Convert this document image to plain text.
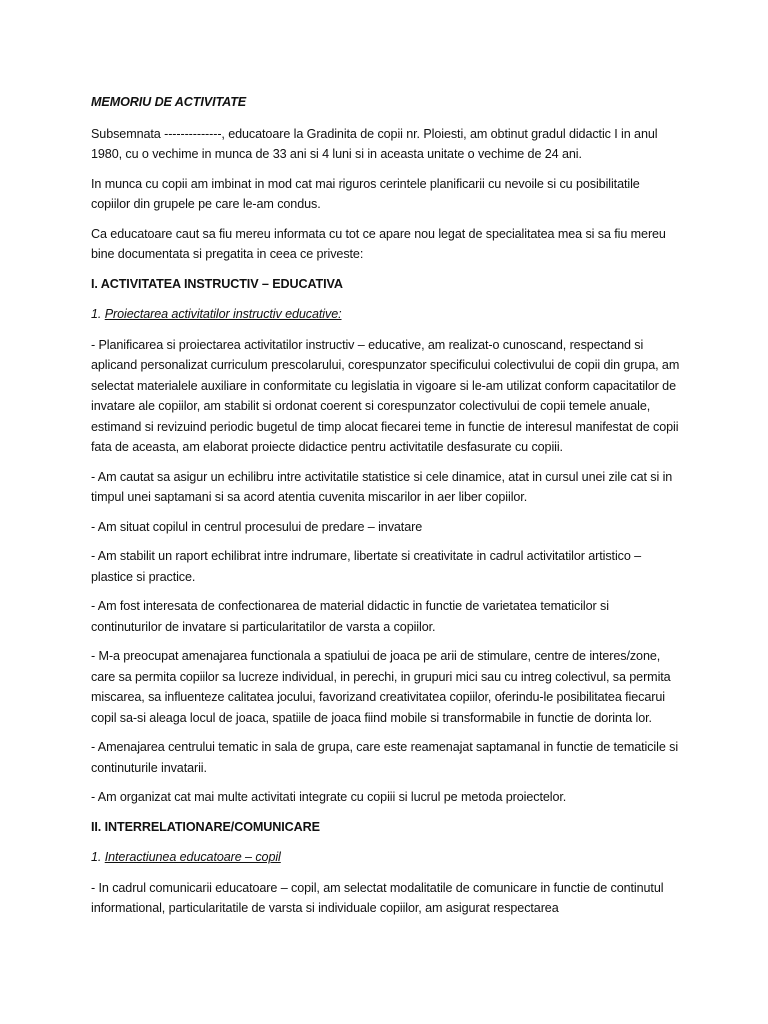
MEMORIU DE ACTIVITATE

Subsemnata --------------, educatoare la Gradinita de copii nr. Ploiesti, am obtinut gradul didactic I in anul 1980, cu o vechime in munca de 33 ani si 4 luni si in aceasta unitate o vechime de 24 ani.

In munca cu copii am imbinat in mod cat mai riguros cerintele planificarii cu nevoile si cu posibilitatile copiilor din grupele pe care le-am condus.

Ca educatoare caut sa fiu mereu informata cu tot ce apare nou legat de specialitatea mea si sa fiu mereu bine documentata si pregatita in ceea ce priveste:

I. ACTIVITATEA INSTRUCTIV – EDUCATIVA

1. Proiectarea activitatilor instructiv educative:

- Planificarea si proiectarea activitatilor instructiv – educative, am realizat-o cunoscand, respectand si aplicand personalizat curriculum prescolarului, corespunzator specificului colectivului de copii din grupa, am selectat materialele auxiliare in conformitate cu legislatia in vigoare si le-am utilizat conform capacitatilor de invatare ale copiilor, am stabilit si ordonat coerent si corespunzator colectivului de copii temele anuale, estimand si revizuind periodic bugetul de timp alocat fiecarei teme in functie de interesul manifestat de copii fata de aceasta, am elaborat proiecte didactice pentru activitatile desfasurate cu copiii.

- Am cautat sa asigur un echilibru intre activitatile statistice si cele dinamice, atat in cursul unei zile cat si in timpul unei saptamani si sa acord atentia cuvenita miscarilor in aer liber copiilor.

- Am situat copilul in centrul procesului de predare – invatare

- Am stabilit un raport echilibrat intre indrumare, libertate si creativitate in cadrul activitatilor artistico – plastice si practice.

- Am fost interesata de confectionarea de material didactic in functie de varietatea tematicilor si continuturilor de invatare si particularitatilor de varsta a copiilor.

- M-a preocupat amenajarea functionala a spatiului de joaca pe arii de stimulare, centre de interes/zone, care sa permita copiilor sa lucreze individual, in perechi, in grupuri mici sau cu intreg colectivul, sa permita miscarea, sa influenteze calitatea jocului, favorizand creativitatea copiilor, oferindu-le posibilitatea fiecarui copil sa-si aleaga locul de joaca, spatiile de joaca fiind mobile si transformabile in functie de dorinta lor.

- Amenajarea centrului tematic in sala de grupa, care este reamenajat saptamanal in functie de tematicile si continuturile invatarii.

- Am organizat cat mai multe activitati integrate cu copiii si lucrul pe metoda proiectelor.

II. INTERRELATIONARE/COMUNICARE

1. Interactiunea educatoare – copil

- In cadrul comunicarii educatoare – copil, am selectat modalitatile de comunicare in functie de continutul informational, particularitatile de varsta si individuale copiilor, am asigurat respectarea
